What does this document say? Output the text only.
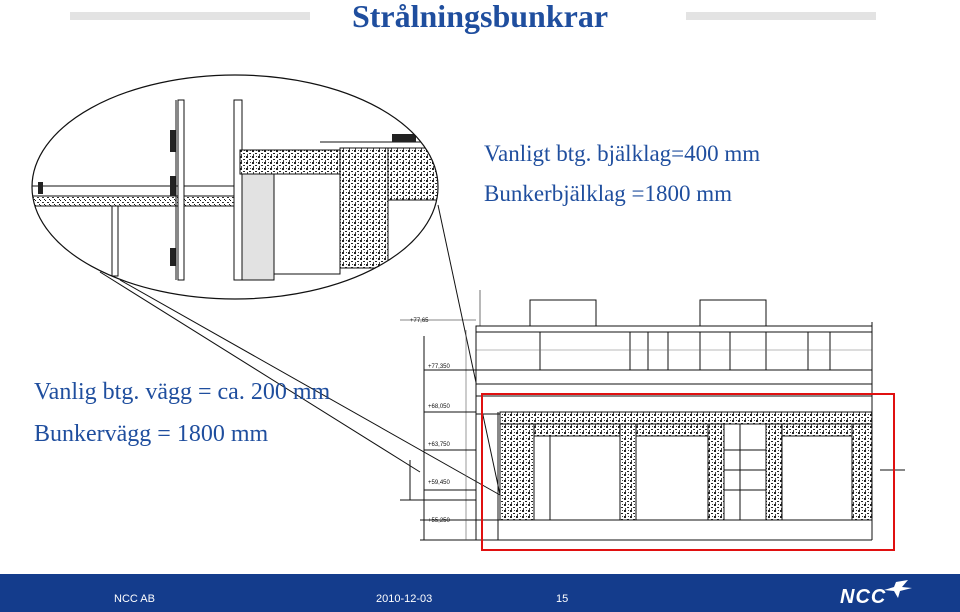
Strålningsbunkrar
+77,65
+77,350
+68,050
+63,750
+59,450
+55,250
Vanligt btg. bjälklag=400 mm
Bunkerbjälklag =1800 mm
Vanlig btg. vägg = ca. 200 mm
Bunkervägg = 1800 mm
NCC AB	2010-12-03	15	NCC
